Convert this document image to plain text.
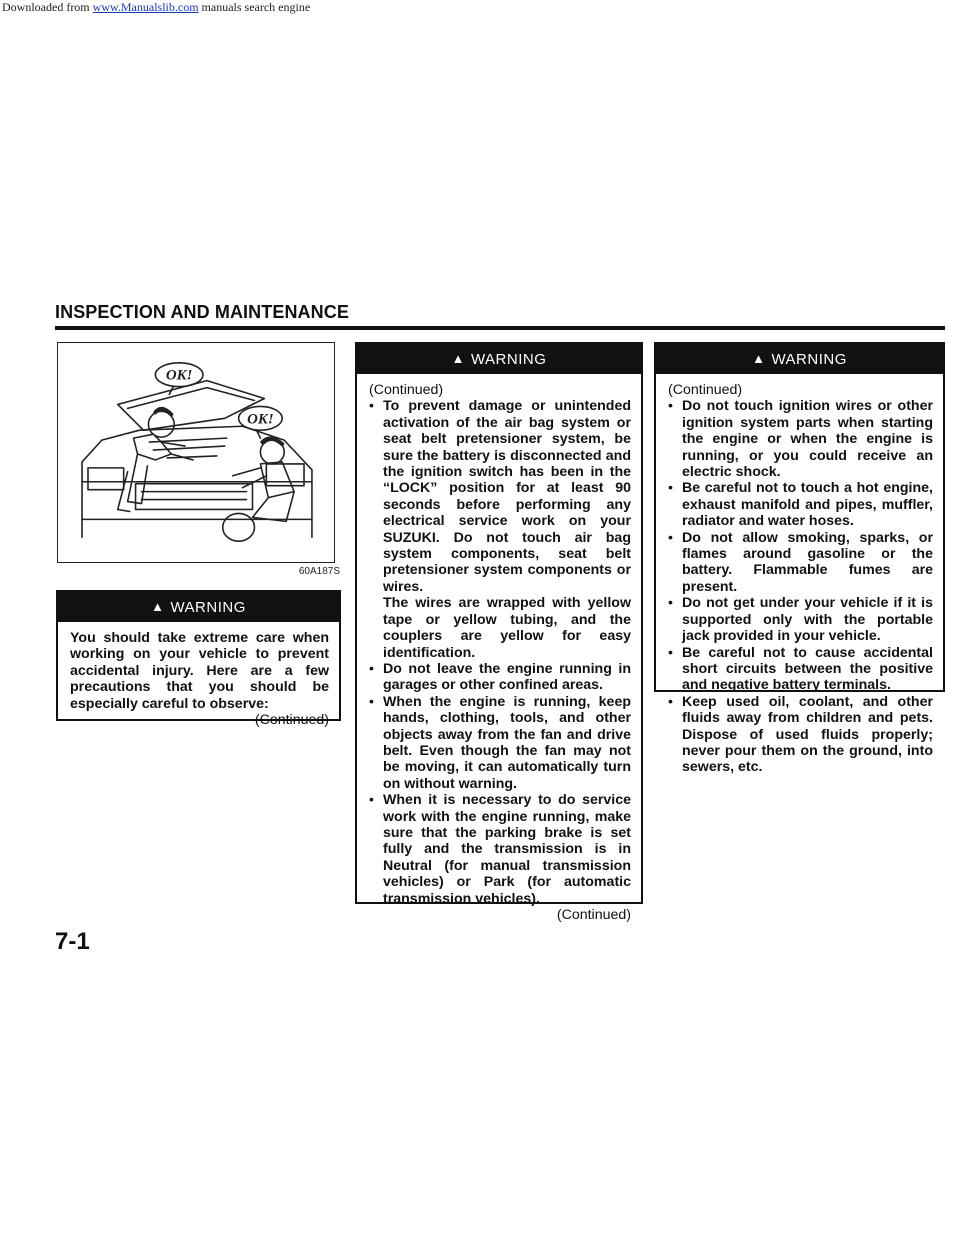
Downloaded from www.Manualslib.com manuals search engine
INSPECTION AND MAINTENANCE
OK!
OK!
60A187S
▲ WARNING
You should take extreme care when working on your vehicle to prevent accidental injury. Here are a few precautions that you should be especially careful to observe:
(Continued)
▲ WARNING
(Continued)
• To prevent damage or unintended activation of the air bag system or seat belt pretensioner system, be sure the battery is disconnected and the ignition switch has been in the “LOCK” position for at least 90 seconds before performing any electrical service work on your SUZUKI. Do not touch air bag system components, seat belt pretensioner system components or wires.
The wires are wrapped with yellow tape or yellow tubing, and the couplers are yellow for easy identification.
• Do not leave the engine running in garages or other confined areas.
• When the engine is running, keep hands, clothing, tools, and other objects away from the fan and drive belt. Even though the fan may not be moving, it can automatically turn on without warning.
• When it is necessary to do service work with the engine running, make sure that the parking brake is set fully and the transmission is in Neutral (for manual transmission vehicles) or Park (for automatic transmission vehicles).
(Continued)
▲ WARNING
(Continued)
• Do not touch ignition wires or other ignition system parts when starting the engine or when the engine is running, or you could receive an electric shock.
• Be careful not to touch a hot engine, exhaust manifold and pipes, muffler, radiator and water hoses.
• Do not allow smoking, sparks, or flames around gasoline or the battery. Flammable fumes are present.
• Do not get under your vehicle if it is supported only with the portable jack provided in your vehicle.
• Be careful not to cause accidental short circuits between the positive and negative battery terminals.
• Keep used oil, coolant, and other fluids away from children and pets. Dispose of used fluids properly; never pour them on the ground, into sewers, etc.
7-1
